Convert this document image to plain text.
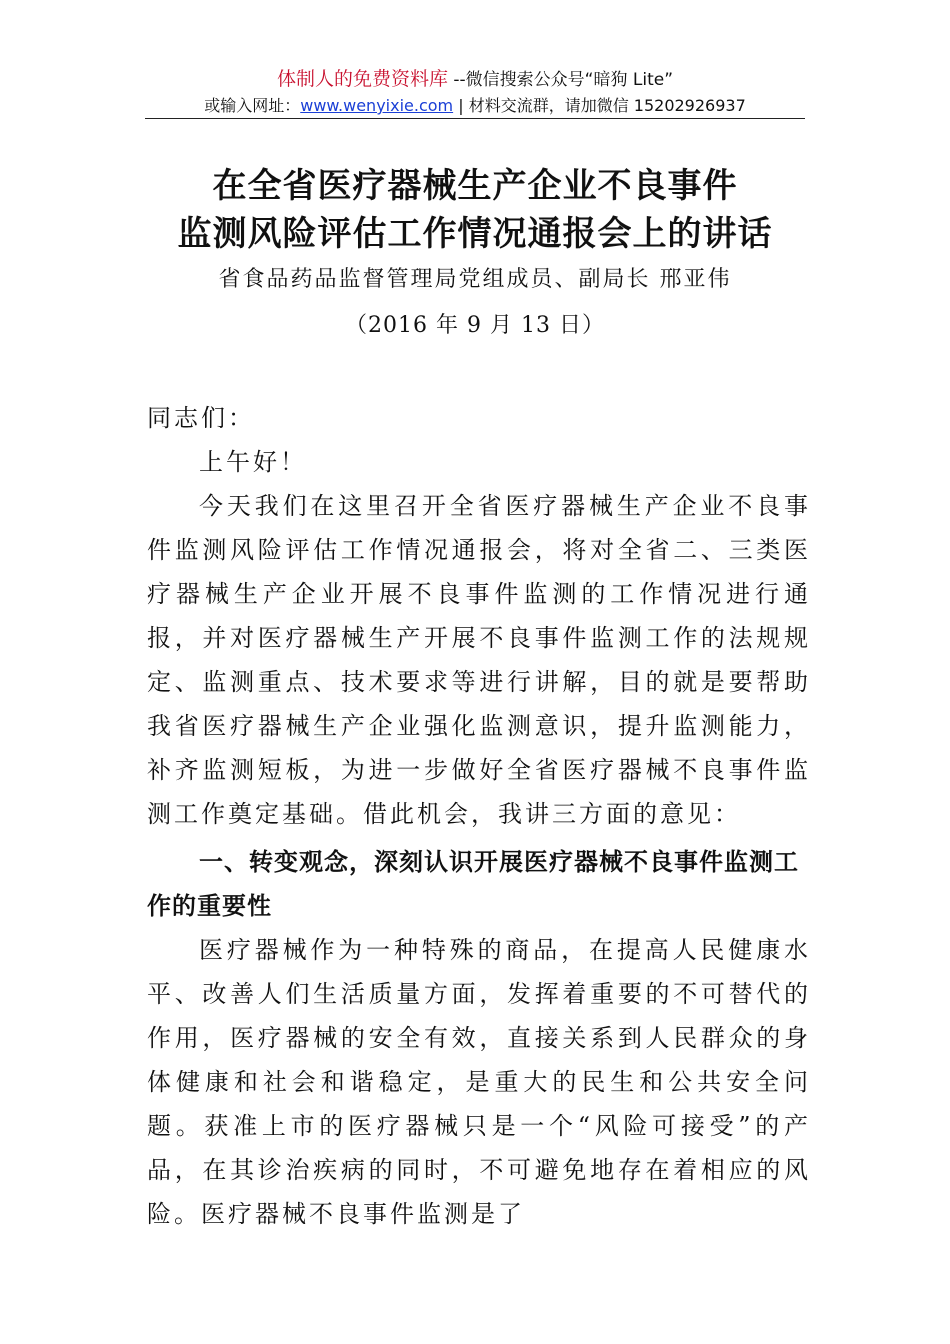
体制人的免费资料库 --微信搜索公众号“暗狗 Lite”
或输入网址：www.wenyixie.com | 材料交流群，请加微信 15202926937
在全省医疗器械生产企业不良事件
监测风险评估工作情况通报会上的讲话
省食品药品监督管理局党组成员、副局长 邢亚伟
（2016 年 9 月 13 日）
同志们：
上午好！
今天我们在这里召开全省医疗器械生产企业不良事件监测风险评估工作情况通报会，将对全省二、三类医疗器械生产企业开展不良事件监测的工作情况进行通报，并对医疗器械生产开展不良事件监测工作的法规规定、监测重点、技术要求等进行讲解，目的就是要帮助我省医疗器械生产企业强化监测意识，提升监测能力，补齐监测短板，为进一步做好全省医疗器械不良事件监测工作奠定基础。借此机会，我讲三方面的意见：
一、转变观念，深刻认识开展医疗器械不良事件监测工作的重要性
医疗器械作为一种特殊的商品，在提高人民健康水平、改善人们生活质量方面，发挥着重要的不可替代的作用，医疗器械的安全有效，直接关系到人民群众的身体健康和社会和谐稳定，是重大的民生和公共安全问题。获准上市的医疗器械只是一个“风险可接受”的产品，在其诊治疾病的同时，不可避免地存在着相应的风险。医疗器械不良事件监测是了
